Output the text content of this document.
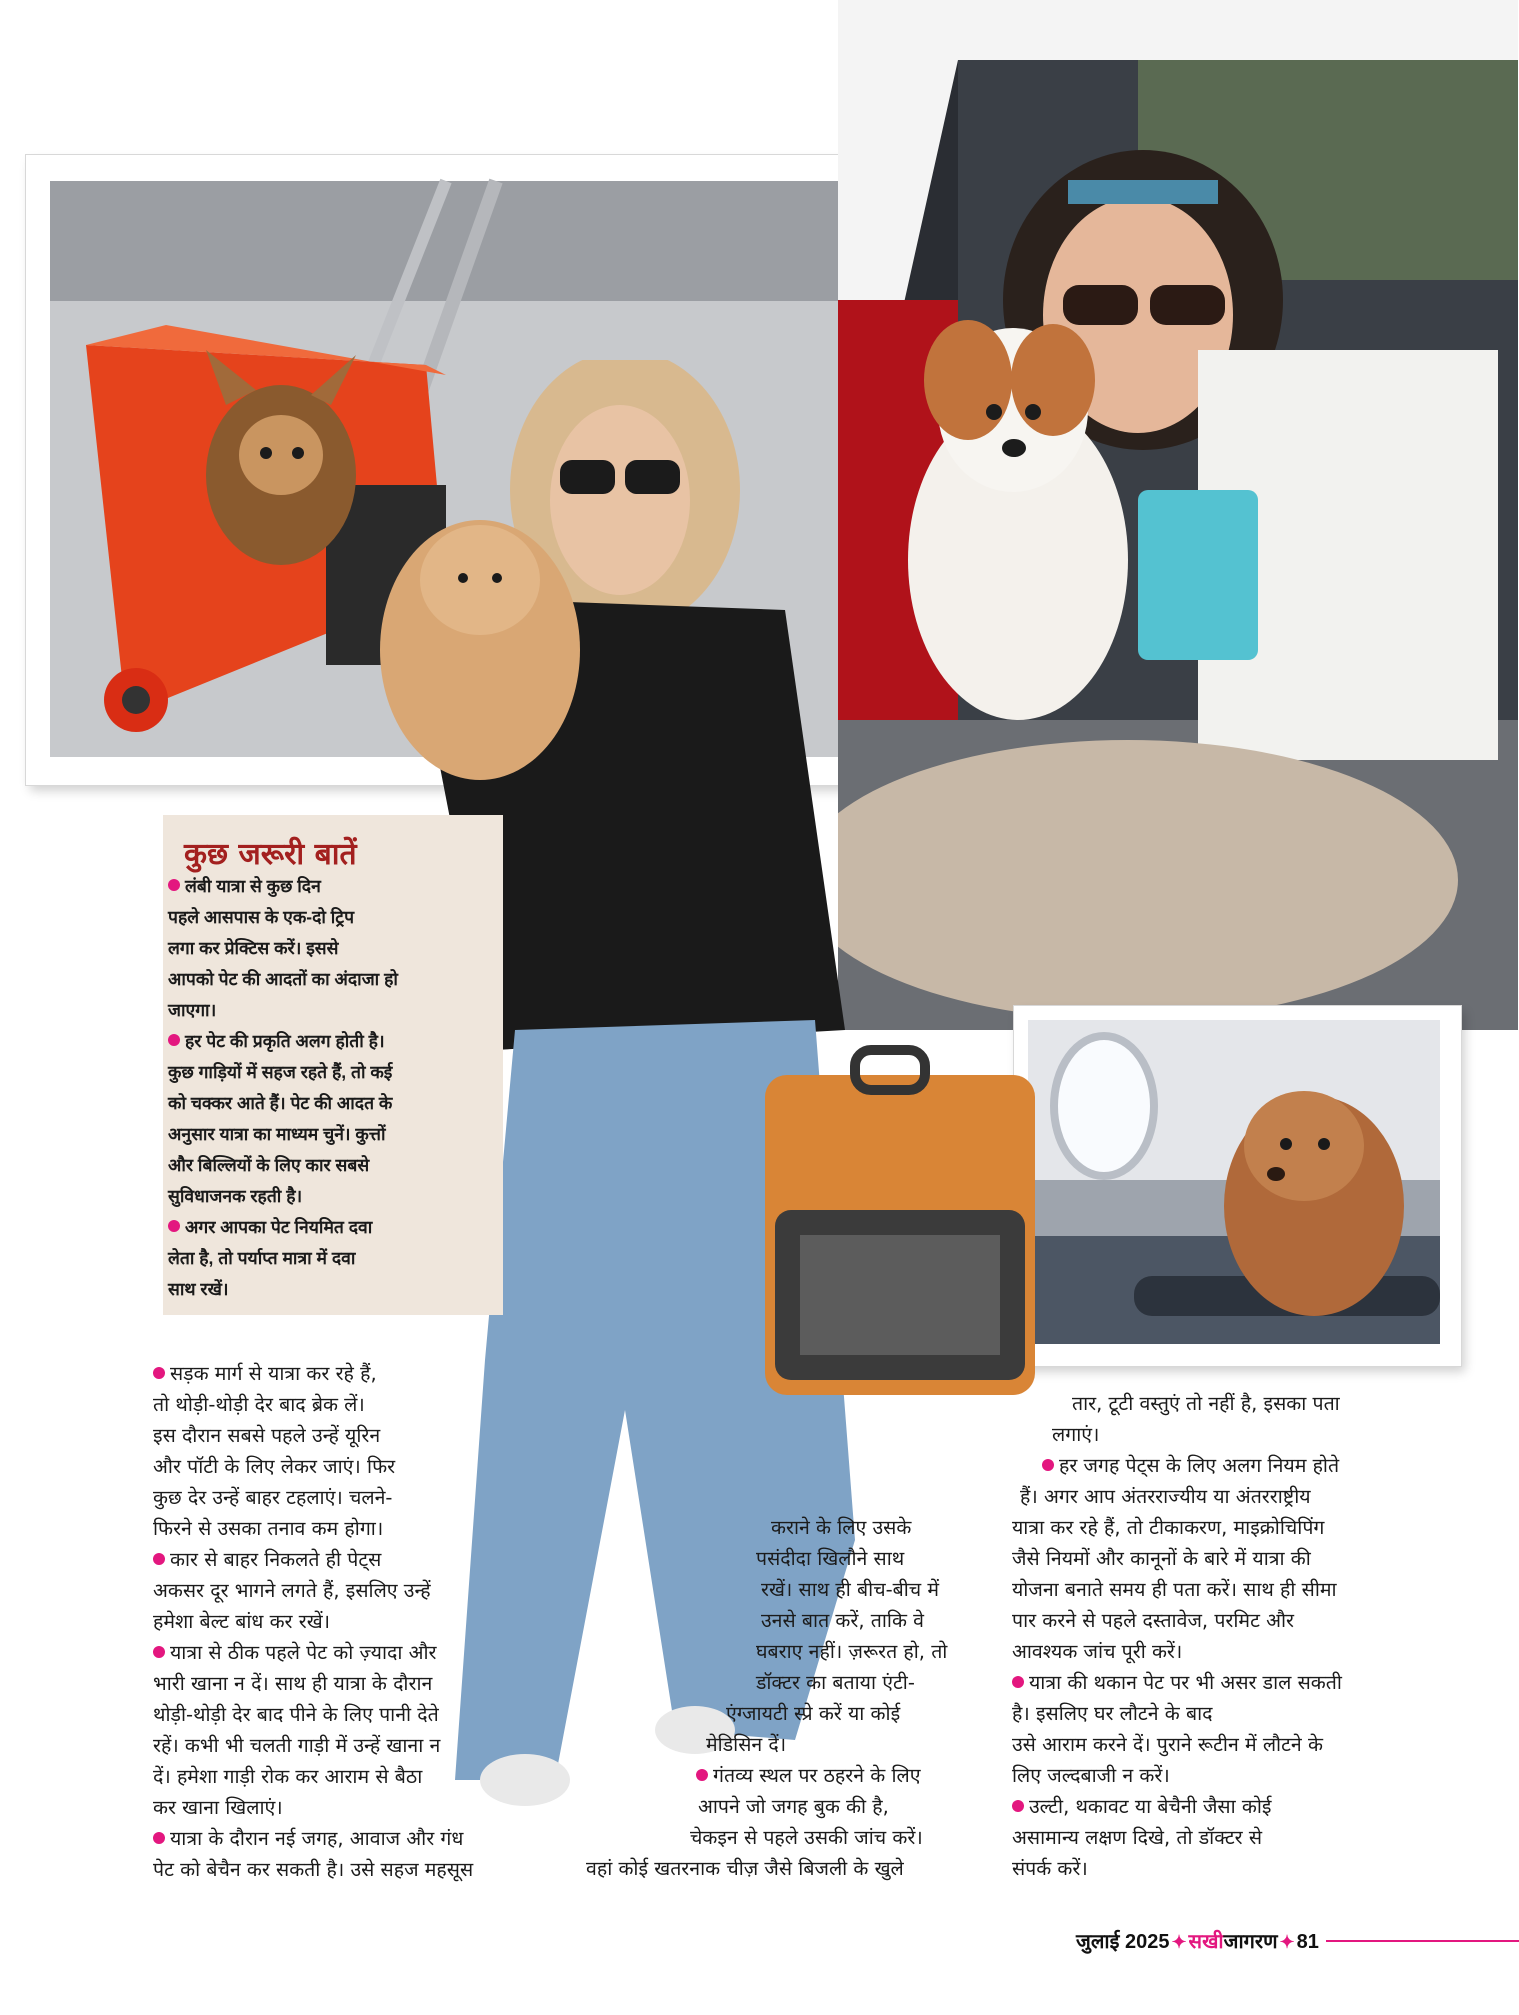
कुछ जरूरी बातें
लंबी यात्रा से कुछ दिन
पहले आसपास के एक-दो ट्रिप
लगा कर प्रेक्टिस करें। इससे
आपको पेट की आदतों का अंदाजा हो
जाएगा।
हर पेट की प्रकृति अलग होती है।
कुछ गाड़ियों में सहज रहते हैं, तो कई
को चक्कर आते हैं। पेट की आदत के
अनुसार यात्रा का माध्यम चुनें। कुत्तों
और बिल्लियों के लिए कार सबसे
सुविधाजनक रहती है।
अगर आपका पेट नियमित दवा
लेता है, तो पर्याप्त मात्रा में दवा
साथ रखें।

सड़क मार्ग से यात्रा कर रहे हैं,

तो थोड़ी-थोड़ी देर बाद ब्रेक लें।

इस दौरान सबसे पहले उन्हें यूरिन

और पॉटी के लिए लेकर जाएं। फिर

कुछ देर उन्हें बाहर टहलाएं। चलने-

फिरने से उसका तनाव कम होगा।

कार से बाहर निकलते ही पेट्स

अकसर दूर भागने लगते हैं, इसलिए उन्हें

हमेशा बेल्ट बांध कर रखें।

यात्रा से ठीक पहले पेट को ज़्यादा और

भारी खाना न दें। साथ ही यात्रा के दौरान

थोड़ी-थोड़ी देर बाद पीने के लिए पानी देते

रहें। कभी भी चलती गाड़ी में उन्हें खाना न

दें। हमेशा गाड़ी रोक कर आराम से बैठा

कर खाना खिलाएं।

यात्रा के दौरान नई जगह, आवाज और गंध

पेट को बेचैन कर सकती है। उसे सहज महसूस

कराने के लिए उसके

पसंदीदा खिलौने साथ

रखें। साथ ही बीच-बीच में

उनसे बात करें, ताकि वे

घबराए नहीं। ज़रूरत हो, तो

डॉक्टर का बताया एंटी-

एंग्जायटी स्प्रे करें या कोई

मेडिसिन दें।

गंतव्य स्थल पर ठहरने के लिए

आपने जो जगह बुक की है,

चेकइन से पहले उसकी जांच करें।

वहां कोई खतरनाक चीज़ जैसे बिजली के खुले

तार, टूटी वस्तुएं तो नहीं है, इसका पता

लगाएं।

हर जगह पेट्स के लिए अलग नियम होते

हैं। अगर आप अंतरराज्यीय या अंतरराष्ट्रीय

यात्रा कर रहे हैं, तो टीकाकरण, माइक्रोचिपिंग

जैसे नियमों और कानूनों के बारे में यात्रा की

योजना बनाते समय ही पता करें। साथ ही सीमा

पार करने से पहले दस्तावेज, परमिट और

आवश्यक जांच पूरी करें।

यात्रा की थकान पेट पर भी असर डाल सकती

है। इसलिए घर लौटने के बाद

उसे आराम करने दें। पुराने रूटीन में लौटने के

लिए जल्दबाजी न करें।

उल्टी, थकावट या बेचैनी जैसा कोई

असामान्य लक्षण दिखे, तो डॉक्टर से

संपर्क करें।

जुलाई 2025 ✦ सखीजागरण ✦ 81
